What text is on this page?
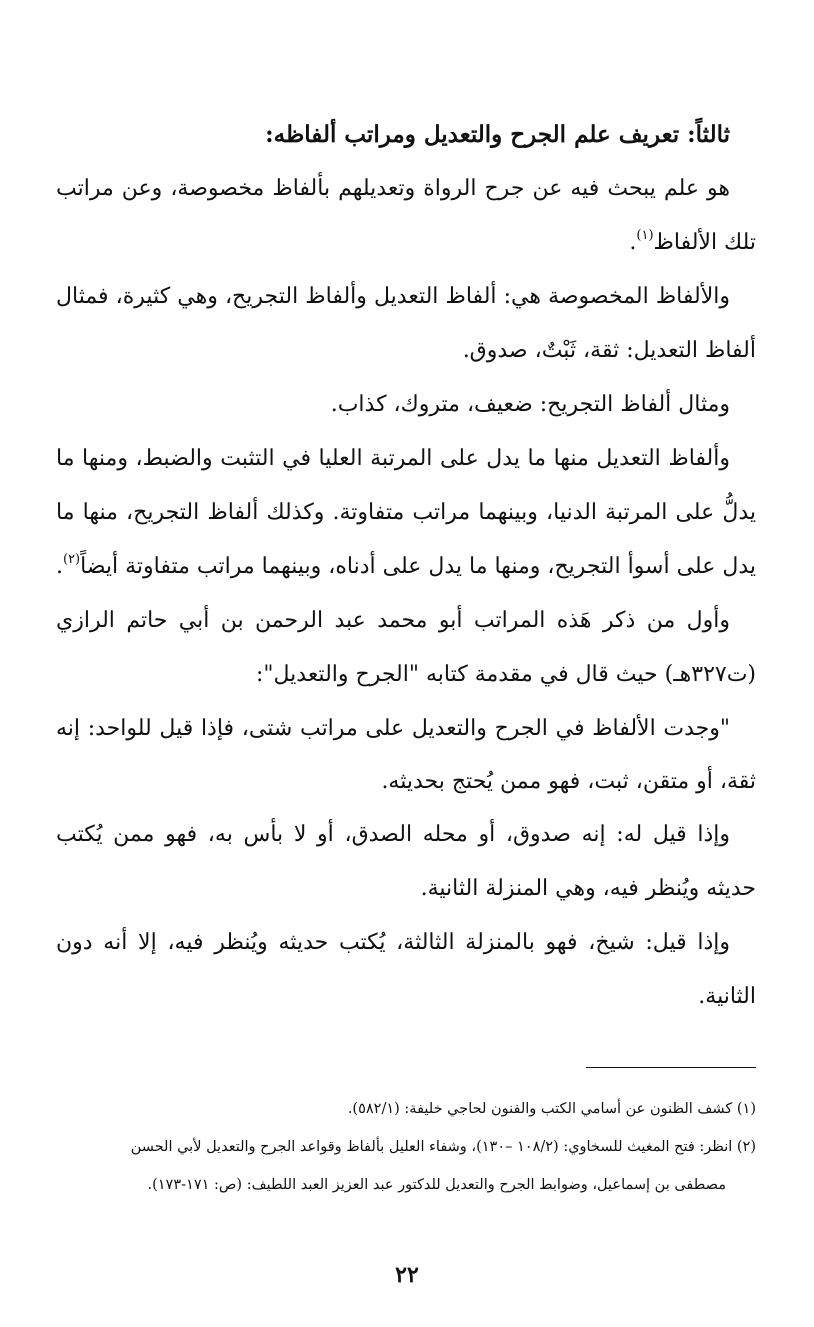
ثالثاً: تعريف علم الجرح والتعديل ومراتب ألفاظه:

هو علم يبحث فيه عن جرح الرواة وتعديلهم بألفاظ مخصوصة، وعن مراتب تلك الألفاظ$^{(١)}$.

والألفاظ المخصوصة هي: ألفاظ التعديل وألفاظ التجريح، وهي كثيرة، فمثال ألفاظ التعديل: ثقة، ثَبْتٌ، صدوق.

ومثال ألفاظ التجريح: ضعيف، متروك، كذاب.

وألفاظ التعديل منها ما يدل على المرتبة العليا في التثبت والضبط، ومنها ما يدلُّ على المرتبة الدنيا، وبينهما مراتب متفاوتة. وكذلك ألفاظ التجريح، منها ما يدل على أسوأ التجريح، ومنها ما يدل على أدناه، وبينهما مراتب متفاوتة أيضاً$^{(٢)}$.

وأول من ذكر هَذه المراتب أبو محمد عبد الرحمن بن أبي حاتم الرازي (ت٣٢٧هـ) حيث قال في مقدمة كتابه "الجرح والتعديل":

"وجدت الألفاظ في الجرح والتعديل على مراتب شتى، فإذا قيل للواحد: إنه ثقة، أو متقن، ثبت، فهو ممن يُحتج بحديثه.

وإذا قيل له: إنه صدوق، أو محله الصدق، أو لا بأس به، فهو ممن يُكتب حديثه ويُنظر فيه، وهي المنزلة الثانية.

وإذا قيل: شيخ، فهو بالمنزلة الثالثة، يُكتب حديثه ويُنظر فيه، إلا أنه دون الثانية.

(١) كشف الظنون عن أسامي الكتب والفنون لحاجي خليفة: (٥٨٢/١).

(٢) انظر: فتح المغيث للسخاوي: (١٠٨/٢ –١٣٠)، وشفاء العليل بألفاظ وقواعد الجرح والتعديل لأبي الحسن
مصطفى بن إسماعيل، وضوابط الجرح والتعديل للدكتور عبد العزيز العبد اللطيف: (ص: ١٧١-١٧٣).

٢٢
